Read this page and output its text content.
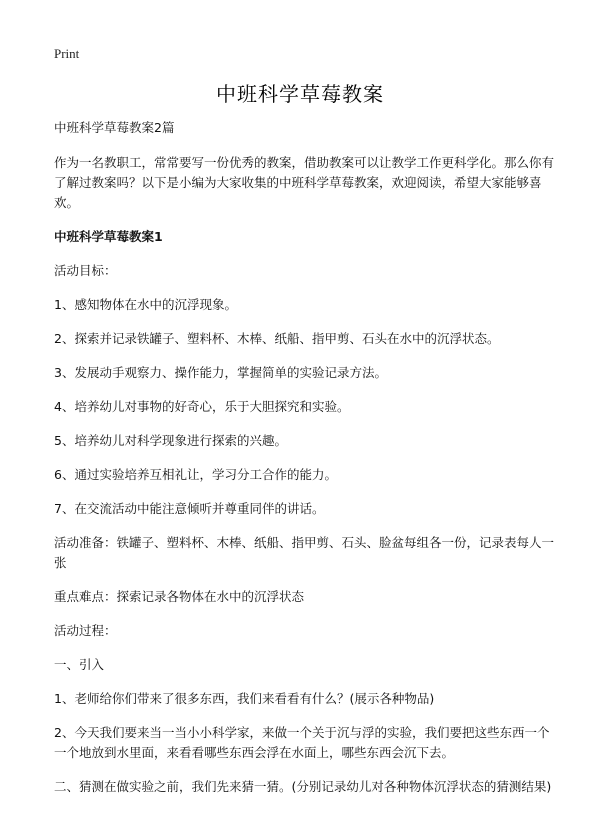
Print
中班科学草莓教案

中班科学草莓教案2篇

作为一名教职工，常常要写一份优秀的教案，借助教案可以让教学工作更科学化。那么你有了解过教案吗？以下是小编为大家收集的中班科学草莓教案，欢迎阅读，希望大家能够喜欢。

中班科学草莓教案1

活动目标：

1、感知物体在水中的沉浮现象。

2、探索并记录铁罐子、塑料杯、木棒、纸船、指甲剪、石头在水中的沉浮状态。

3、发展动手观察力、操作能力，掌握简单的实验记录方法。

4、培养幼儿对事物的好奇心，乐于大胆探究和实验。

5、培养幼儿对科学现象进行探索的兴趣。

6、通过实验培养互相礼让，学习分工合作的能力。

7、在交流活动中能注意倾听并尊重同伴的讲话。

活动准备：铁罐子、塑料杯、木棒、纸船、指甲剪、石头、脸盆每组各一份，记录表每人一张

重点难点：探索记录各物体在水中的沉浮状态

活动过程：

一、引入

1、老师给你们带来了很多东西，我们来看看有什么？(展示各种物品)

2、今天我们要来当一当小小科学家，来做一个关于沉与浮的实验，我们要把这些东西一个一个地放到水里面，来看看哪些东西会浮在水面上，哪些东西会沉下去。

二、猜测在做实验之前，我们先来猜一猜。(分别记录幼儿对各种物体沉浮状态的猜测结果)
